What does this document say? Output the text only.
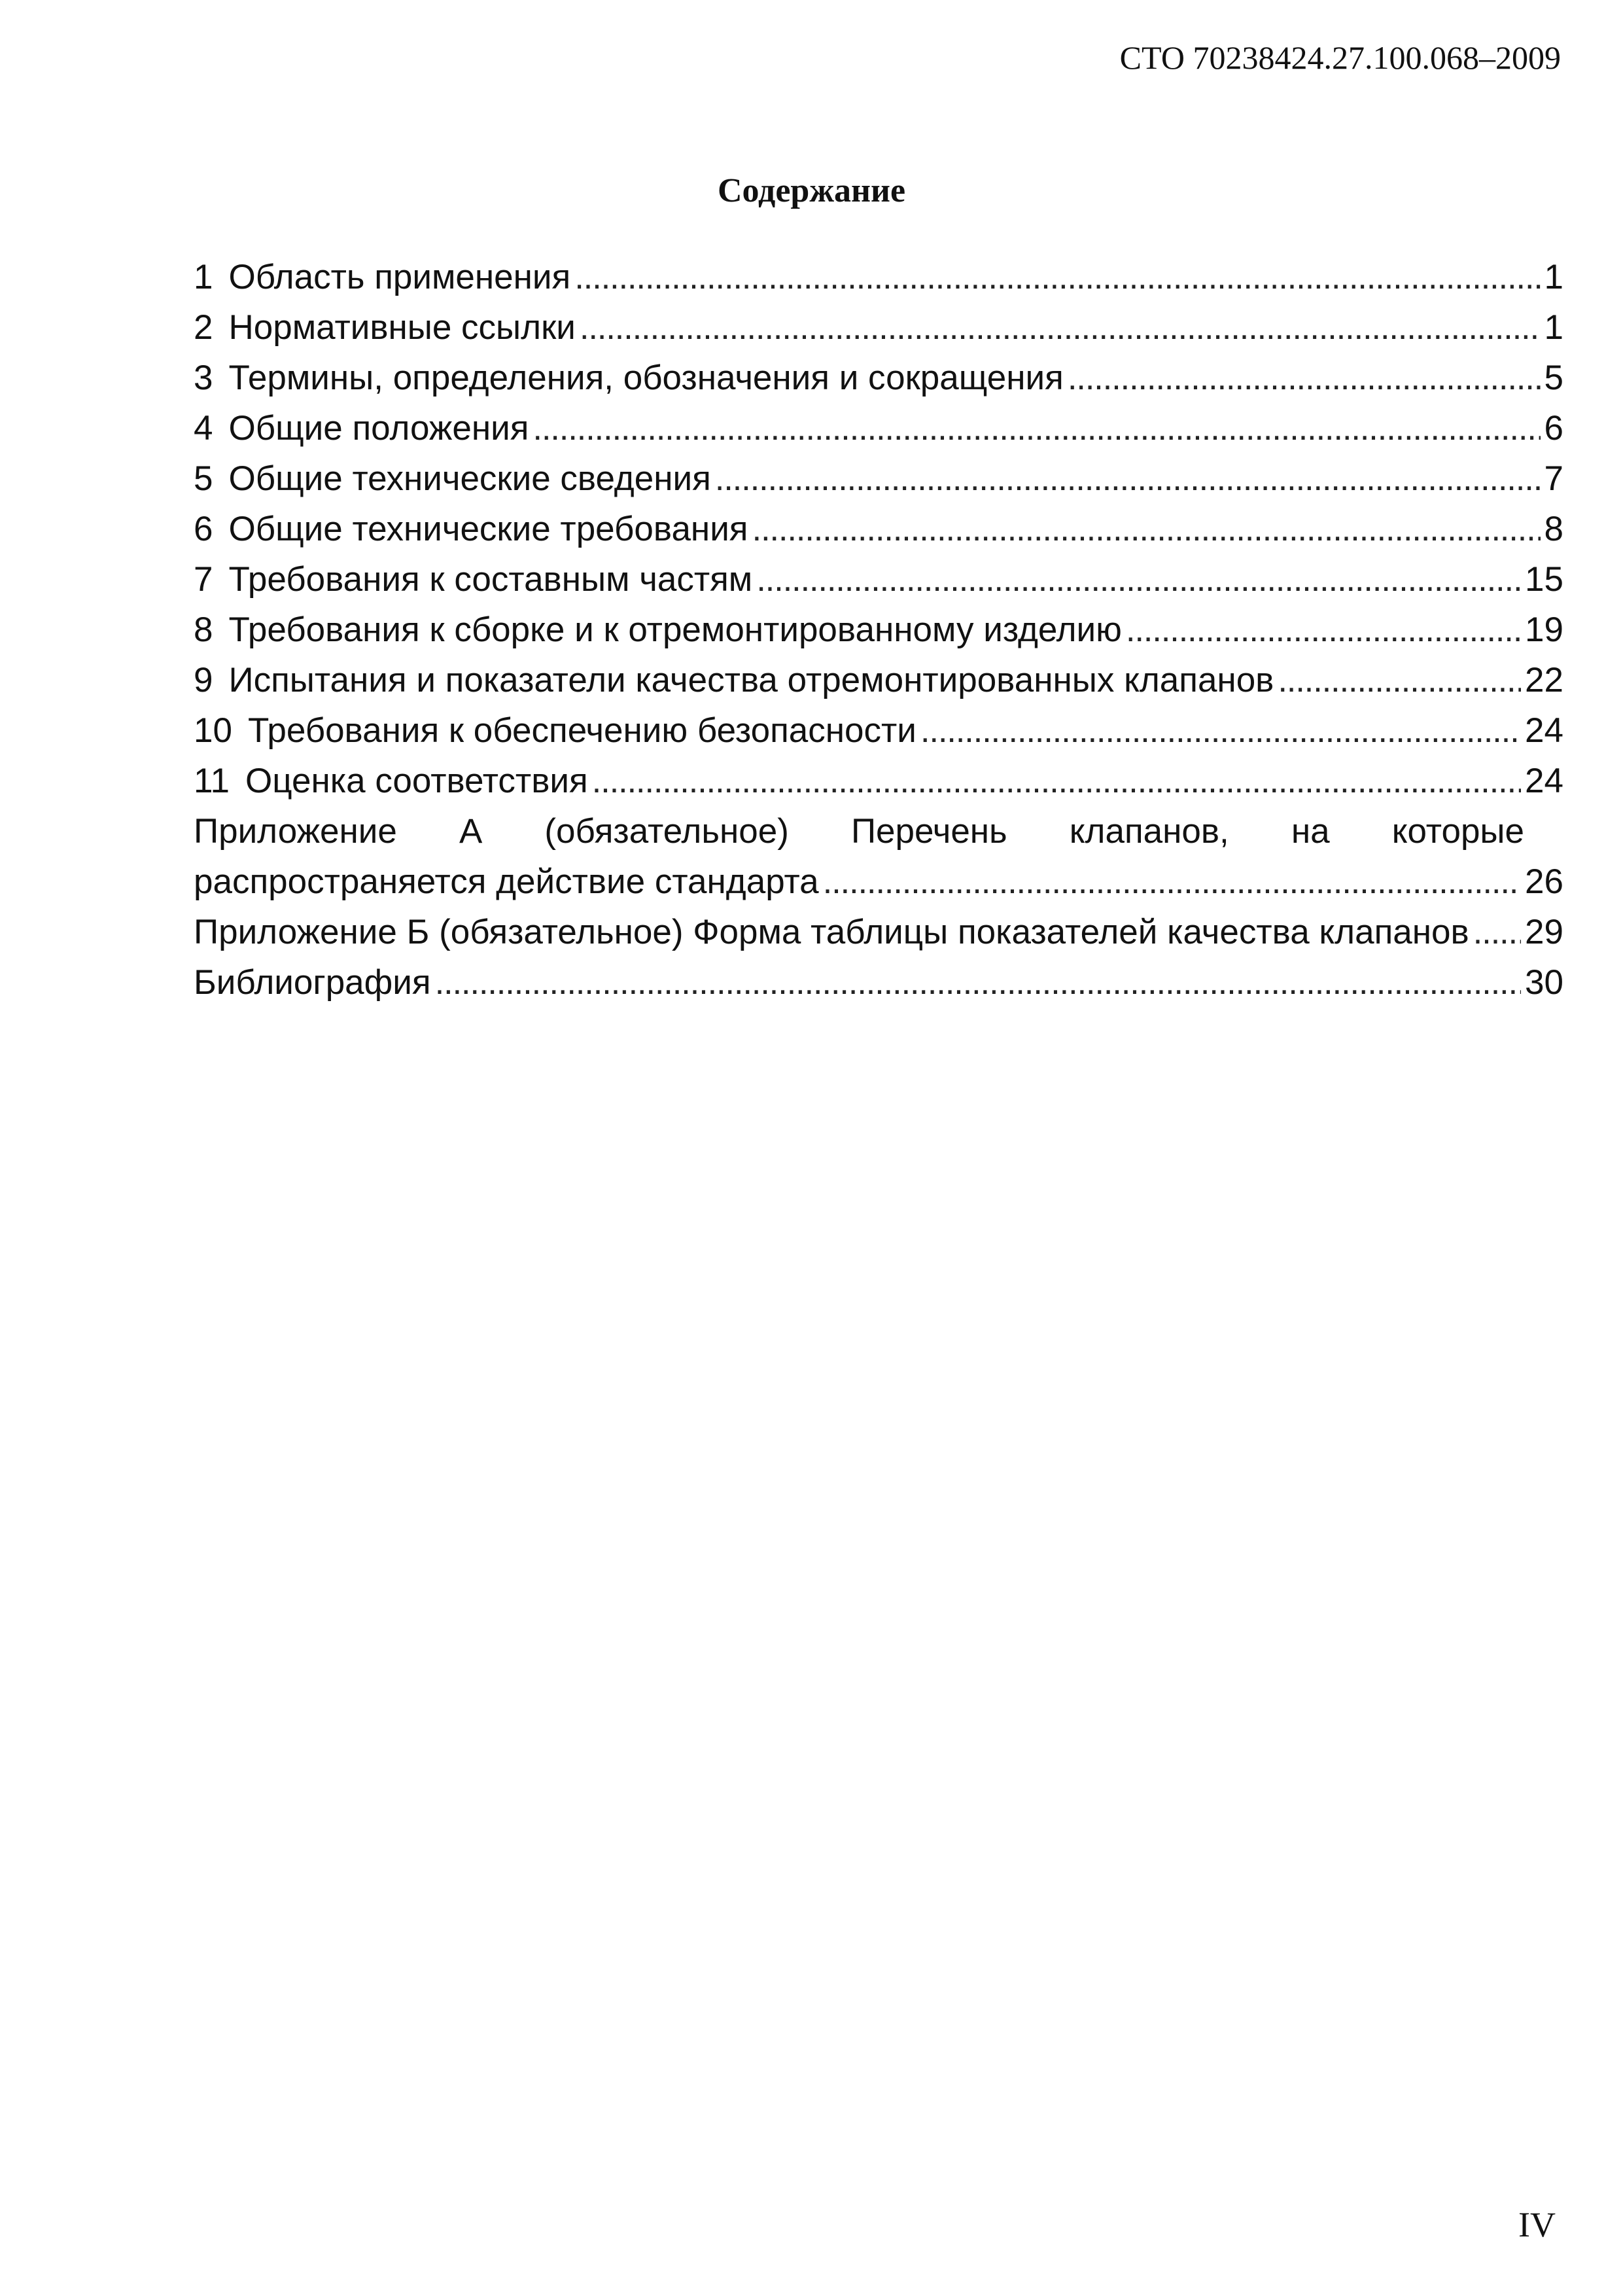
СТО 70238424.27.100.068–2009
Содержание
1 Область применения . . .	1
2 Нормативные ссылки . . .	1
3 Термины, определения, обозначения и сокращения . . .	5
4 Общие положения . . .	6
5 Общие технические сведения . . .	7
6 Общие технические требования . . .	8
7 Требования к составным частям . . .	15
8 Требования к сборке и к отремонтированному изделию . . .	19
9 Испытания и показатели качества отремонтированных клапанов . . .	22
10 Требования к обеспечению безопасности . . .	24
11 Оценка соответствия . . .	24
Приложение А (обязательное) Перечень клапанов, на которые
распространяется действие стандарта . . .	26
Приложение Б (обязательное) Форма таблицы показателей качества клапанов . . . 29
Библиография . . .	30
IV
